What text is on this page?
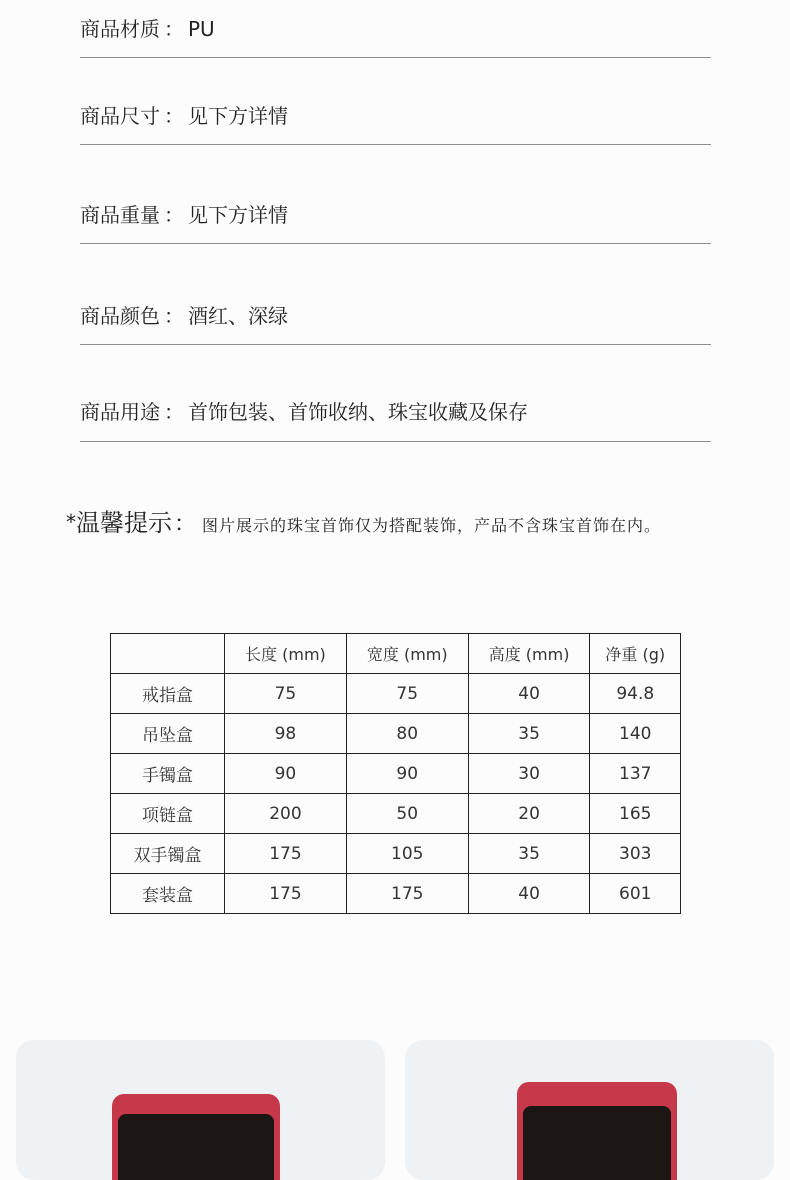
商品材质 ： PU
商品尺寸 ： 见下方详情
商品重量 ： 见下方详情
商品颜色 ： 酒红、深绿
商品用途 ： 首饰包装、首饰收纳、珠宝收藏及保存
*温馨提示： 图片展示的珠宝首饰仅为搭配装饰，产品不含珠宝首饰在内。
	长度 (mm)	宽度 (mm)	高度 (mm)	净重 (g)
戒指盒	75	75	40	94.8
吊坠盒	98	80	35	140
手镯盒	90	90	30	137
项链盒	200	50	20	165
双手镯盒	175	105	35	303
套装盒	175	175	40	601
